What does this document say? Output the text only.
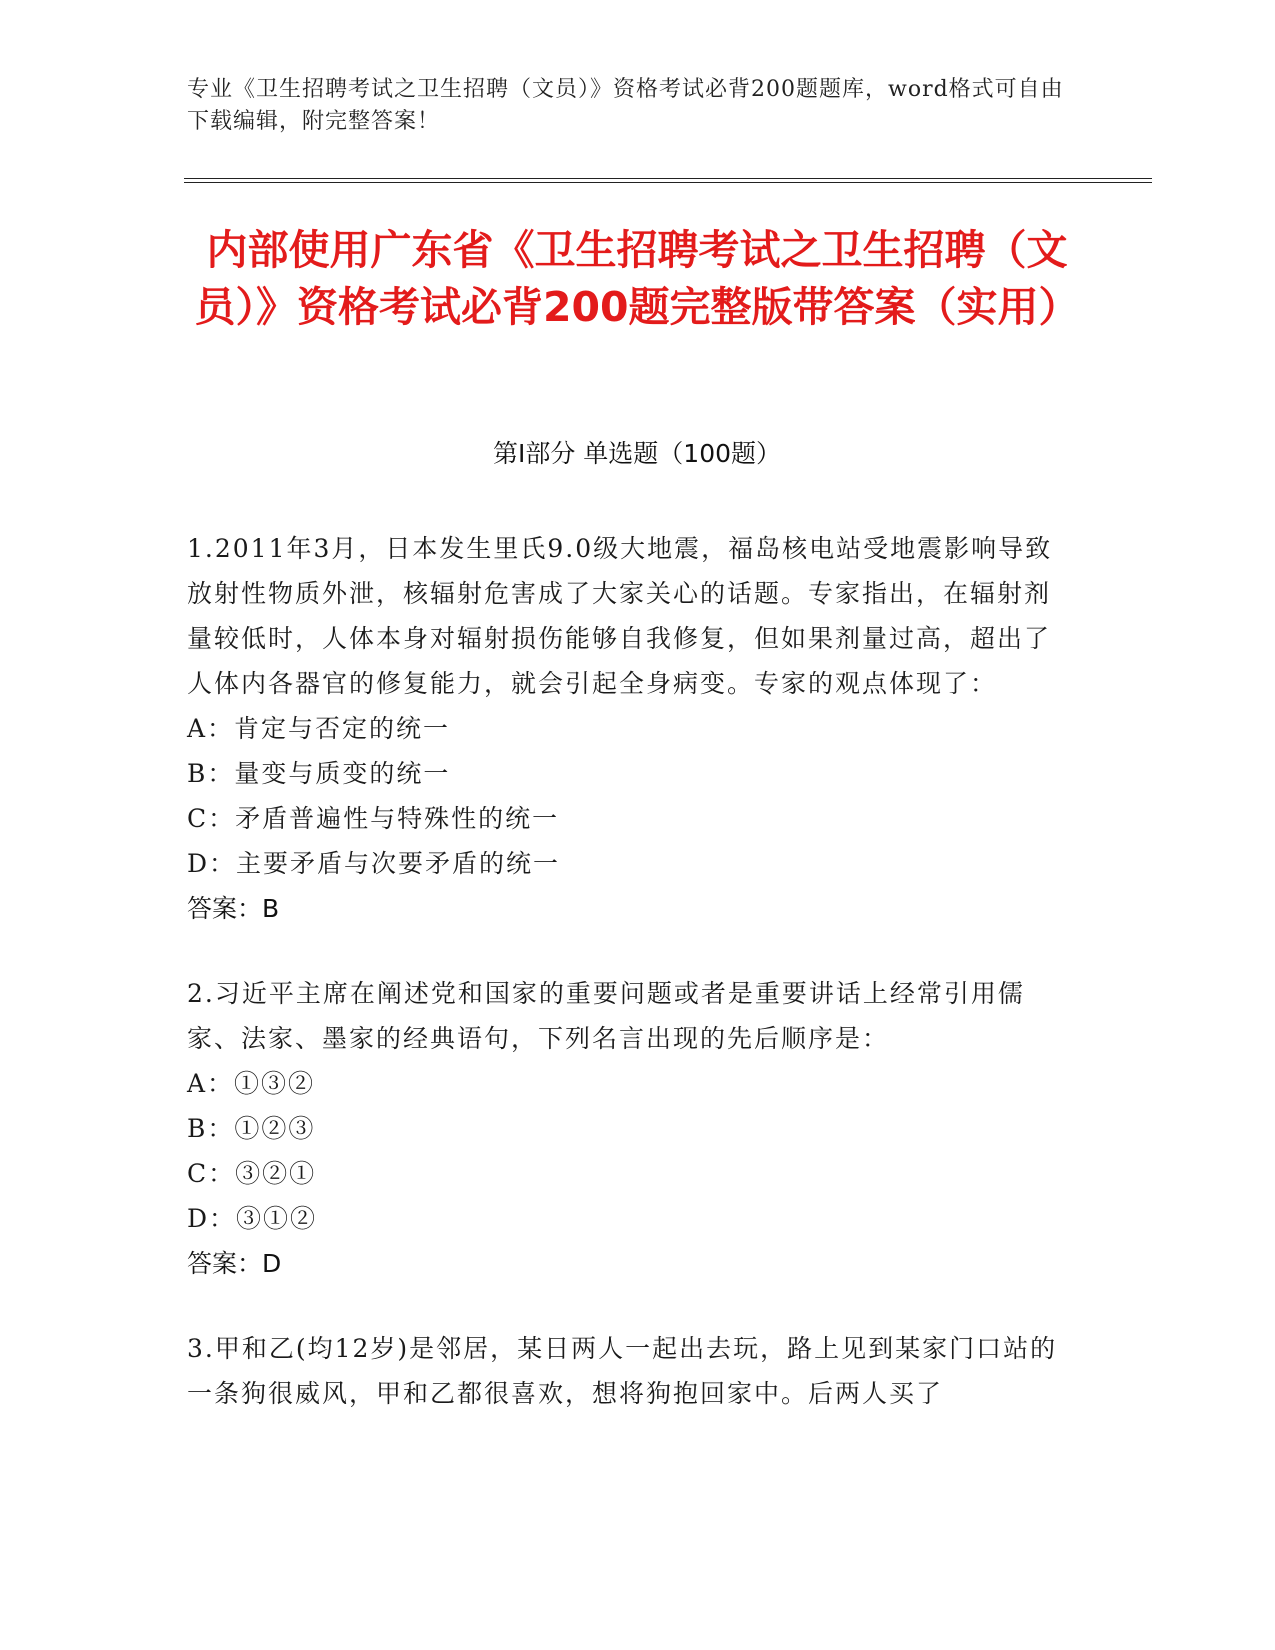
专业《卫生招聘考试之卫生招聘（文员）》资格考试必背200题题库，word格式可自由下载编辑，附完整答案！
内部使用广东省《卫生招聘考试之卫生招聘（文员）》资格考试必背200题完整版带答案（实用）
第Ⅰ部分 单选题（100题）
1.2011年3月，日本发生里氏9.0级大地震，福岛核电站受地震影响导致放射性物质外泄，核辐射危害成了大家关心的话题。专家指出，在辐射剂量较低时，人体本身对辐射损伤能够自我修复，但如果剂量过高，超出了人体内各器官的修复能力，就会引起全身病变。专家的观点体现了：
A：肯定与否定的统一
B：量变与质变的统一
C：矛盾普遍性与特殊性的统一
D：主要矛盾与次要矛盾的统一
答案：B
2.习近平主席在阐述党和国家的重要问题或者是重要讲话上经常引用儒家、法家、墨家的经典语句，下列名言出现的先后顺序是：
A：①③②
B：①②③
C：③②①
D：③①②
答案：D
3.甲和乙(均12岁)是邻居，某日两人一起出去玩，路上见到某家门口站的一条狗很威风，甲和乙都很喜欢，想将狗抱回家中。后两人买了
